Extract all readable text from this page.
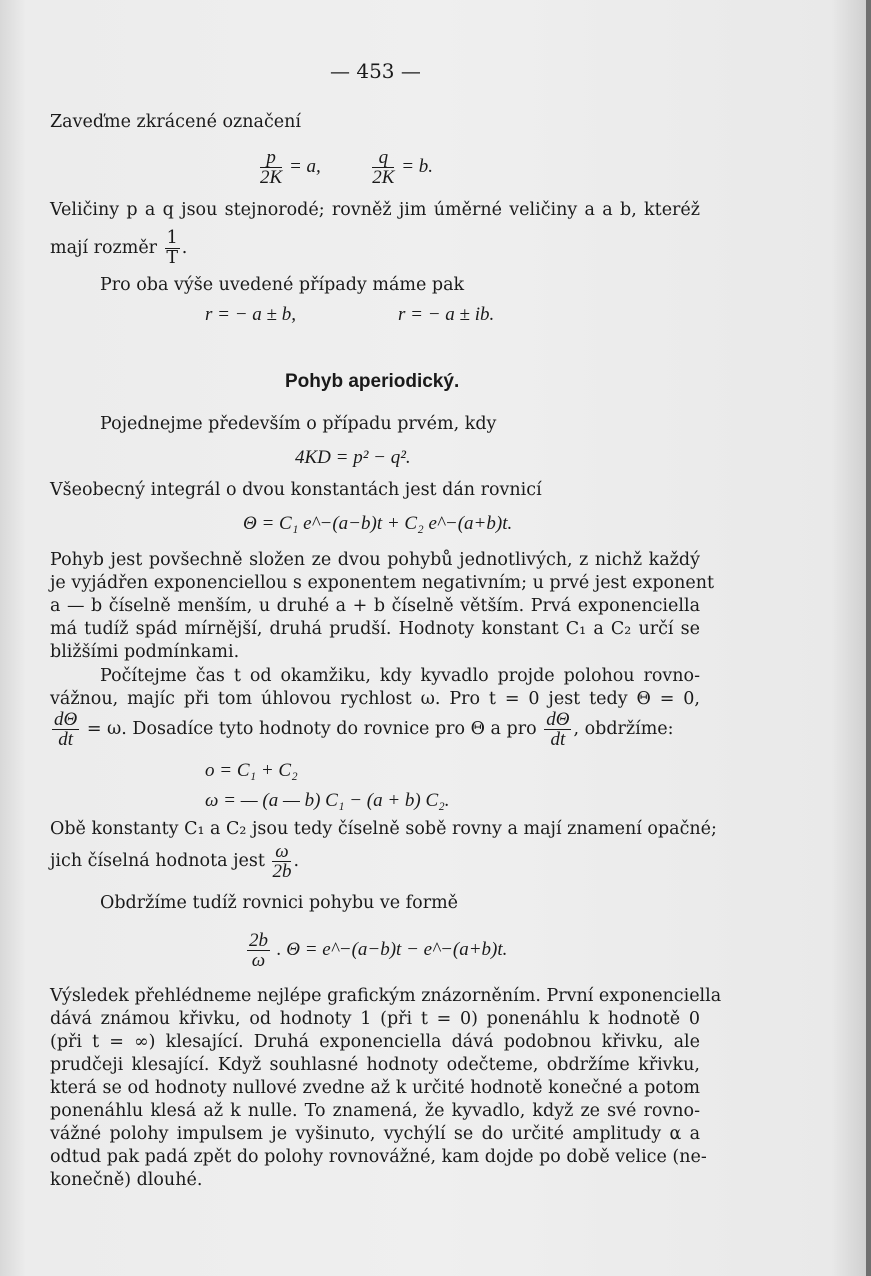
— 453 —
Zaveďme zkrácené označení
$\frac{p}{2K} = a$,	$\frac{q}{2K} = b$.
Veličiny p a q jsou stejnorodé; rovněž jim úměrné veličiny a a b, kteréž
mají rozměr $\frac{1}{T}$ .
Pro oba výše uvedené případy máme pak
r = − a ± b,	r = − a ± ib.
Pohyb aperiodický.
Pojednejme především o případu prvém, kdy
4KD = p² − q².
Všeobecný integrál o dvou konstantách jest dán rovnicí
Θ = C₁ e^−(a−b)t + C₂ e^−(a+b)t.
Pohyb jest povšechně složen ze dvou pohybů jednotlivých, z nichž každý
je vyjádřen exponenciellou s exponentem negativním; u prvé jest exponent
a — b číselně menším, u druhé a + b číselně větším. Prvá exponenciella
má tudíž spád mírnější, druhá prudší. Hodnoty konstant C₁ a C₂ určí se
bližšími podmínkami.
Počítejme čas t od okamžiku, kdy kyvadlo projde polohou rovno-
vážnou, majíc při tom úhlovou rychlost ω. Pro t = 0 jest tedy Θ = 0,
$\frac{d\Theta}{dt} = \omega$. Dosadíce tyto hodnoty do rovnice pro Θ a pro $\frac{d\Theta}{dt}$ , obdržíme:
o = C₁ + C₂
ω = — (a — b) C₁ − (a + b) C₂.
Obě konstanty C₁ a C₂ jsou tedy číselně sobě rovny a mají znamení opačné;
jich číselná hodnota jest $\frac{\omega}{2b}$ .
Obdržíme tudíž rovnici pohybu ve formě
$\frac{2b}{\omega}$ . Θ = e^−(a−b)t − e^−(a+b)t.
Výsledek přehlédneme nejlépe grafickým znázorněním. První exponenciella
dává známou křivku, od hodnoty 1 (při t = 0) ponenáhlu k hodnotě 0
(při t = ∞) klesající. Druhá exponenciella dává podobnou křivku, ale
prudčeji klesající. Když souhlasné hodnoty odečteme, obdržíme křivku,
která se od hodnoty nullové zvedne až k určité hodnotě konečné a potom
ponenáhlu klesá až k nulle. To znamená, že kyvadlo, když ze své rovno-
vážné polohy impulsem je vyšinuto, vychýlí se do určité amplitudy α a
odtud pak padá zpět do polohy rovnovážné, kam dojde po době velice (ne-
konečně) dlouhé.
